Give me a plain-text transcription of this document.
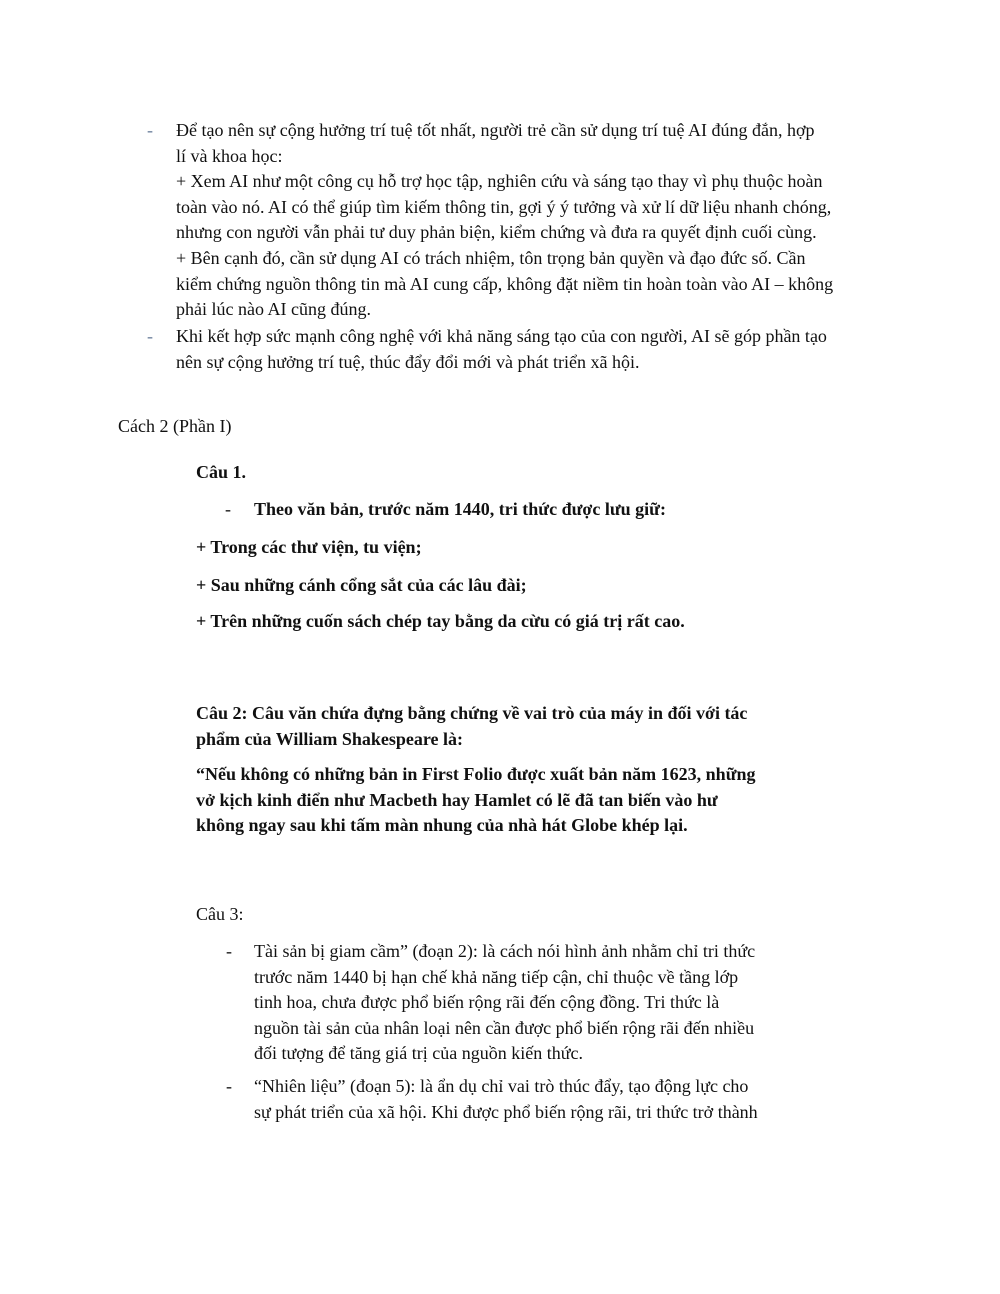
- Để tạo nên sự cộng hưởng trí tuệ tốt nhất, người trẻ cần sử dụng trí tuệ AI đúng đắn, hợp
lí và khoa học:
+ Xem AI như một công cụ hỗ trợ học tập, nghiên cứu và sáng tạo thay vì phụ thuộc hoàn
toàn vào nó. AI có thể giúp tìm kiếm thông tin, gợi ý ý tưởng và xử lí dữ liệu nhanh chóng,
nhưng con người vẫn phải tư duy phản biện, kiểm chứng và đưa ra quyết định cuối cùng.
+ Bên cạnh đó, cần sử dụng AI có trách nhiệm, tôn trọng bản quyền và đạo đức số. Cần
kiểm chứng nguồn thông tin mà AI cung cấp, không đặt niềm tin hoàn toàn vào AI – không
phải lúc nào AI cũng đúng.
- Khi kết hợp sức mạnh công nghệ với khả năng sáng tạo của con người, AI sẽ góp phần tạo
nên sự cộng hưởng trí tuệ, thúc đẩy đổi mới và phát triển xã hội.
Cách 2 (Phần I)
Câu 1.
- Theo văn bản, trước năm 1440, tri thức được lưu giữ:
+ Trong các thư viện, tu viện;
+ Sau những cánh cổng sắt của các lâu đài;
+ Trên những cuốn sách chép tay bằng da cừu có giá trị rất cao.
Câu 2: Câu văn chứa đựng bằng chứng về vai trò của máy in đối với tác
phẩm của William Shakespeare là:
“Nếu không có những bản in First Folio được xuất bản năm 1623, những
vở kịch kinh điển như Macbeth hay Hamlet có lẽ đã tan biến vào hư
không ngay sau khi tấm màn nhung của nhà hát Globe khép lại.
Câu 3:
- Tài sản bị giam cầm” (đoạn 2): là cách nói hình ảnh nhằm chỉ tri thức
trước năm 1440 bị hạn chế khả năng tiếp cận, chỉ thuộc về tầng lớp
tinh hoa, chưa được phổ biến rộng rãi đến cộng đồng. Tri thức là
nguồn tài sản của nhân loại nên cần được phổ biến rộng rãi đến nhiều
đối tượng để tăng giá trị của nguồn kiến thức.
- “Nhiên liệu” (đoạn 5): là ẩn dụ chỉ vai trò thúc đẩy, tạo động lực cho
sự phát triển của xã hội. Khi được phổ biến rộng rãi, tri thức trở thành
